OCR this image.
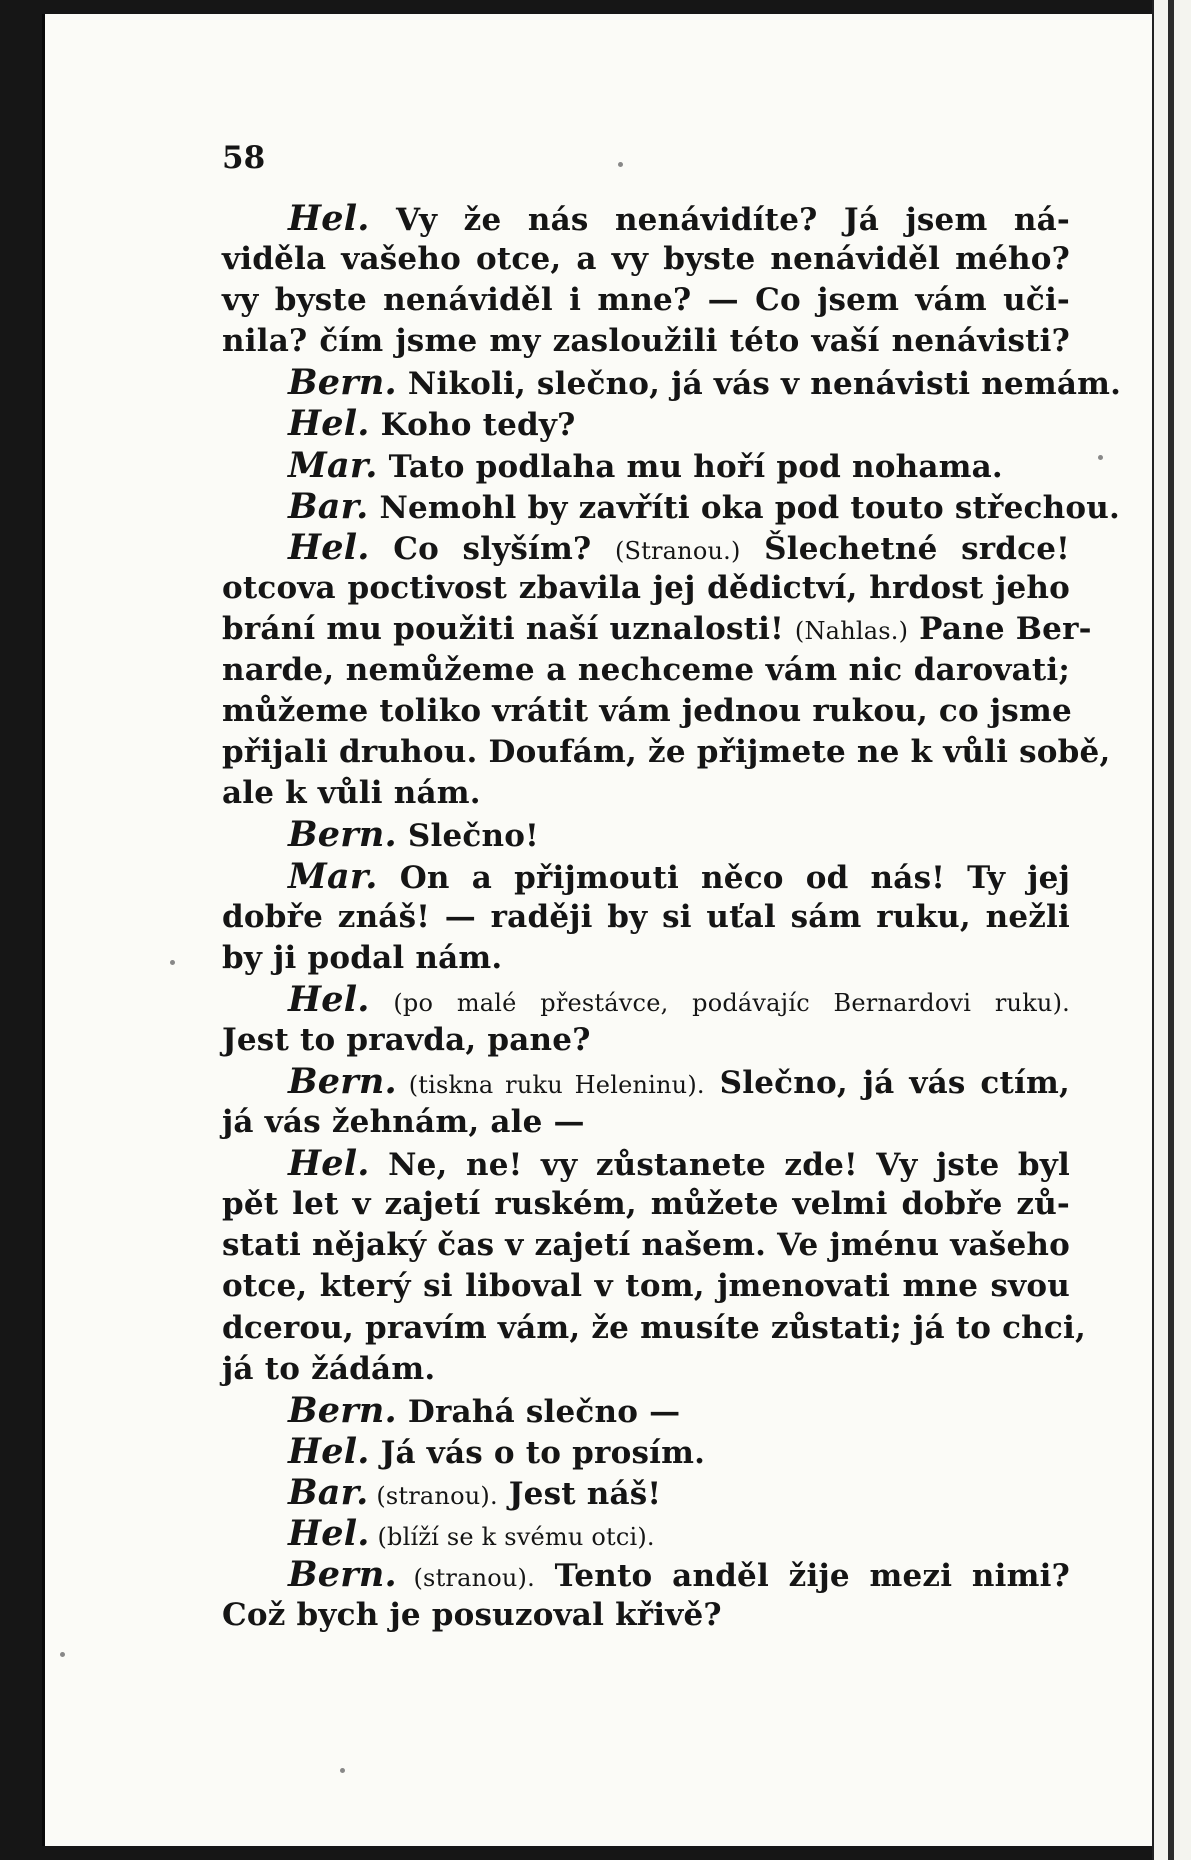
58
Hel. Vy že nás nenávidíte? Já jsem ná-
viděla vašeho otce, a vy byste nenáviděl mého?
vy byste nenáviděl i mne? — Co jsem vám uči-
nila? čím jsme my zasloužili této vaší nenávisti?
Bern. Nikoli, slečno, já vás v nenávisti nemám.
Hel. Koho tedy?
Mar. Tato podlaha mu hoří pod nohama.
Bar. Nemohl by zavříti oka pod touto střechou.
Hel. Co slyším? (Stranou.) Šlechetné srdce!
otcova poctivost zbavila jej dědictví, hrdost jeho
brání mu použiti naší uznalosti! (Nahlas.) Pane Ber-
narde, nemůžeme a nechceme vám nic darovati;
můžeme toliko vrátit vám jednou rukou, co jsme
přijali druhou. Doufám, že přijmete ne k vůli sobě,
ale k vůli nám.
Bern. Slečno!
Mar. On a přijmouti něco od nás! Ty jej
dobře znáš! — raději by si uťal sám ruku, nežli
by ji podal nám.
Hel. (po malé přestávce, podávajíc Bernardovi ruku).
Jest to pravda, pane?
Bern. (tiskna ruku Heleninu). Slečno, já vás ctím,
já vás žehnám, ale —
Hel. Ne, ne! vy zůstanete zde! Vy jste byl
pět let v zajetí ruském, můžete velmi dobře zů-
stati nějaký čas v zajetí našem. Ve jménu vašeho
otce, který si liboval v tom, jmenovati mne svou
dcerou, pravím vám, že musíte zůstati; já to chci,
já to žádám.
Bern. Drahá slečno —
Hel. Já vás o to prosím.
Bar. (stranou). Jest náš!
Hel. (blíží se k svému otci).
Bern. (stranou). Tento anděl žije mezi nimi?
Což bych je posuzoval křivě?
